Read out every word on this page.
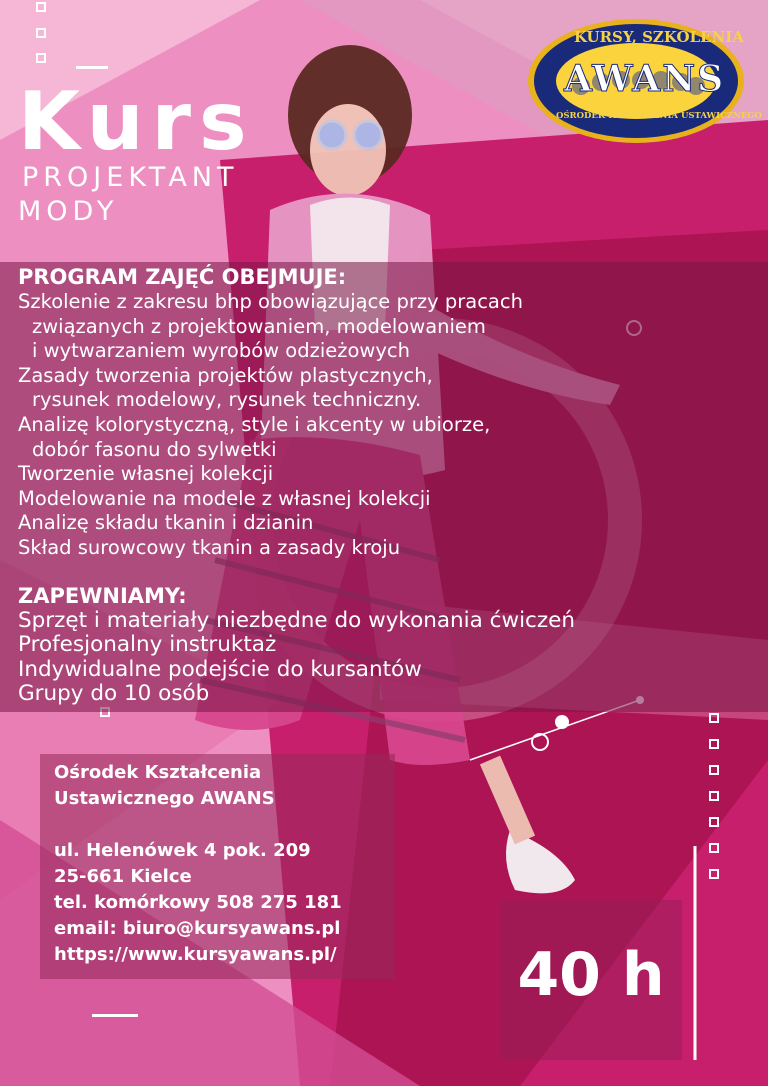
KURSY, SZKOLENIA
AWANS
OŚRODEK KSZTAŁCENIA USTAWICZNEGO
Kurs
PROJEKTANT
MODY
PROGRAM ZAJĘĆ OBEJMUJE:
Szkolenie z zakresu bhp obowiązujące przy pracach
związanych z projektowaniem, modelowaniem
i wytwarzaniem wyrobów odzieżowych
Zasady tworzenia projektów plastycznych,
rysunek modelowy, rysunek techniczny.
Analizę kolorystyczną, style i akcenty w ubiorze,
dobór fasonu do sylwetki
Tworzenie własnej kolekcji
Modelowanie na modele z własnej kolekcji
Analizę składu tkanin i dzianin
Skład surowcowy tkanin a zasady kroju
ZAPEWNIAMY:
Sprzęt i materiały niezbędne do wykonania ćwiczeń
Profesjonalny instruktaż
Indywidualne podejście do kursantów
Grupy do 10 osób
Ośrodek Kształcenia
Ustawicznego AWANS
ul. Helenówek 4 pok. 209
25-661 Kielce
tel. komórkowy 508 275 181
email: biuro@kursyawans.pl
https://www.kursyawans.pl/	40 h
